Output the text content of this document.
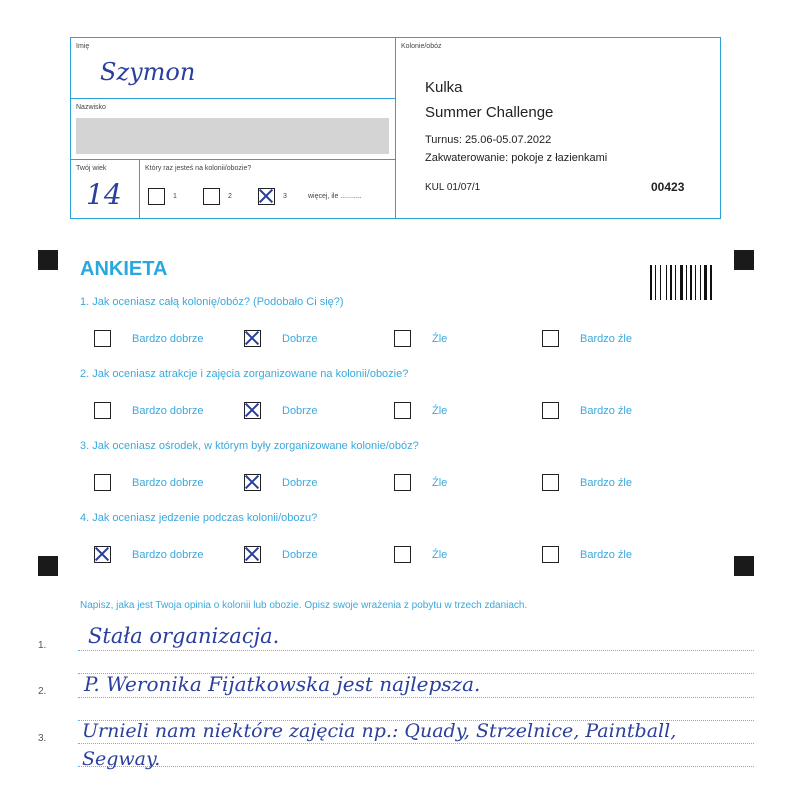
Imię
Szymon
Nazwisko
Twój wiek
14
Który raz jesteś na kolonii/obozie?
1	2	3	więcej, ile ...........
Kolonie/obóz
Kulka
Summer Challenge
Turnus: 25.06-05.07.2022
Zakwaterowanie: pokoje z łazienkami
KUL 01/07/1	00423
ANKIETA
1. Jak oceniasz całą kolonię/obóz? (Podobało Ci się?)
Bardzo dobrze	Dobrze	Źle	Bardzo źle
2. Jak oceniasz atrakcje i zajęcia zorganizowane na kolonii/obozie?
Bardzo dobrze	Dobrze	Źle	Bardzo źle
3. Jak oceniasz ośrodek, w którym były zorganizowane kolonie/obóz?
Bardzo dobrze	Dobrze	Źle	Bardzo źle
4. Jak oceniasz jedzenie podczas kolonii/obozu?
Bardzo dobrze	Dobrze	Źle	Bardzo źle
Napisz, jaka jest Twoja opinia o kolonii lub obozie. Opisz swoje wrażenia z pobytu w trzech zdaniach.
1.
2.
3.
Stała organizacja.
P. Weronika Fijatkowska jest najlepsza.
Urnieli nam niektóre zajęcia np.: Quady, Strzelnice, Paintball,
Segway.
